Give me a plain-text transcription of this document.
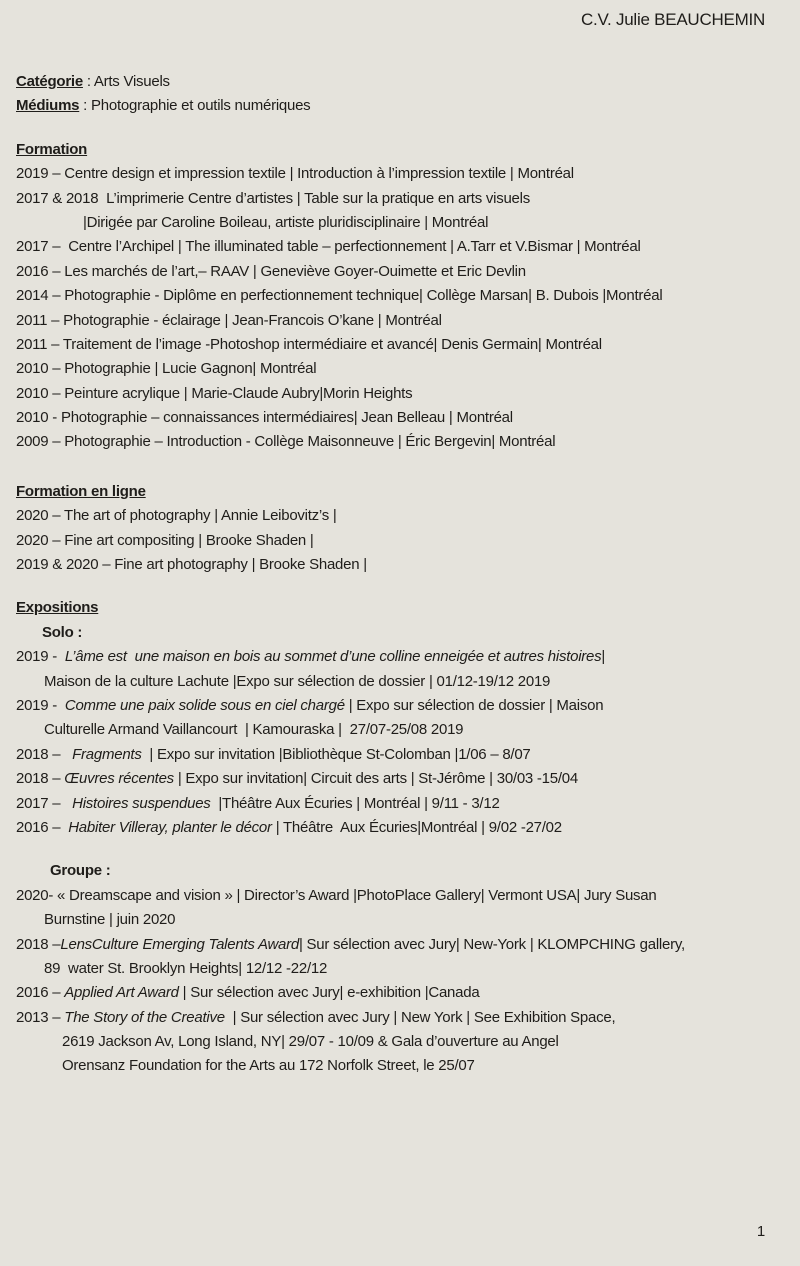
C.V. Julie BEAUCHEMIN
Catégorie : Arts Visuels
Médiums : Photographie et outils numériques
Formation
2019 – Centre design et impression textile | Introduction à l’impression textile | Montréal
2017 & 2018  L’imprimerie Centre d’artistes | Table sur la pratique en arts visuels
|Dirigée par Caroline Boileau, artiste pluridisciplinaire | Montréal
2017 –  Centre l’Archipel | The illuminated table – perfectionnement | A.Tarr et V.Bismar | Montréal
2016 – Les marchés de l’art,– RAAV | Geneviève Goyer-Ouimette et Eric Devlin
2014 – Photographie - Diplôme en perfectionnement technique| Collège Marsan| B. Dubois |Montréal
2011 – Photographie - éclairage | Jean-Francois O’kane | Montréal
2011 – Traitement de l’image -Photoshop intermédiaire et avancé| Denis Germain| Montréal
2010 – Photographie | Lucie Gagnon| Montréal
2010 – Peinture acrylique | Marie-Claude Aubry|Morin Heights
2010 - Photographie – connaissances intermédiaires| Jean Belleau | Montréal
2009 – Photographie – Introduction - Collège Maisonneuve | Éric Bergevin| Montréal
Formation en ligne
2020 – The art of photography | Annie Leibovitz’s |
2020 – Fine art compositing | Brooke Shaden |
2019 & 2020 – Fine art photography | Brooke Shaden |
Expositions
Solo :
2019 -  L’âme est  une maison en bois au sommet d’une colline enneigée et autres histoires|
Maison de la culture Lachute |Expo sur sélection de dossier | 01/12-19/12 2019
2019 -  Comme une paix solide sous en ciel chargé | Expo sur sélection de dossier | Maison
Culturelle Armand Vaillancourt  | Kamouraska |  27/07-25/08 2019
2018 –   Fragments  | Expo sur invitation |Bibliothèque St-Colomban |1/06 – 8/07
2018 – Œuvres récentes | Expo sur invitation| Circuit des arts | St-Jérôme | 30/03 -15/04
2017 –   Histoires suspendues  |Théâtre Aux Écuries | Montréal | 9/11 - 3/12
2016 –  Habiter Villeray, planter le décor | Théâtre  Aux Écuries|Montréal | 9/02 -27/02
Groupe :
2020- « Dreamscape and vision » | Director’s Award |PhotoPlace Gallery| Vermont USA| Jury Susan
Burnstine | juin 2020
2018 –LensCulture Emerging Talents Award| Sur sélection avec Jury| New-York | KLOMPCHING gallery,
89  water St. Brooklyn Heights| 12/12 -22/12
2016 – Applied Art Award | Sur sélection avec Jury| e-exhibition |Canada
2013 – The Story of the Creative  | Sur sélection avec Jury | New York | See Exhibition Space,
2619 Jackson Av, Long Island, NY| 29/07 - 10/09 & Gala d’ouverture au Angel
Orensanz Foundation for the Arts au 172 Norfolk Street, le 25/07
1
